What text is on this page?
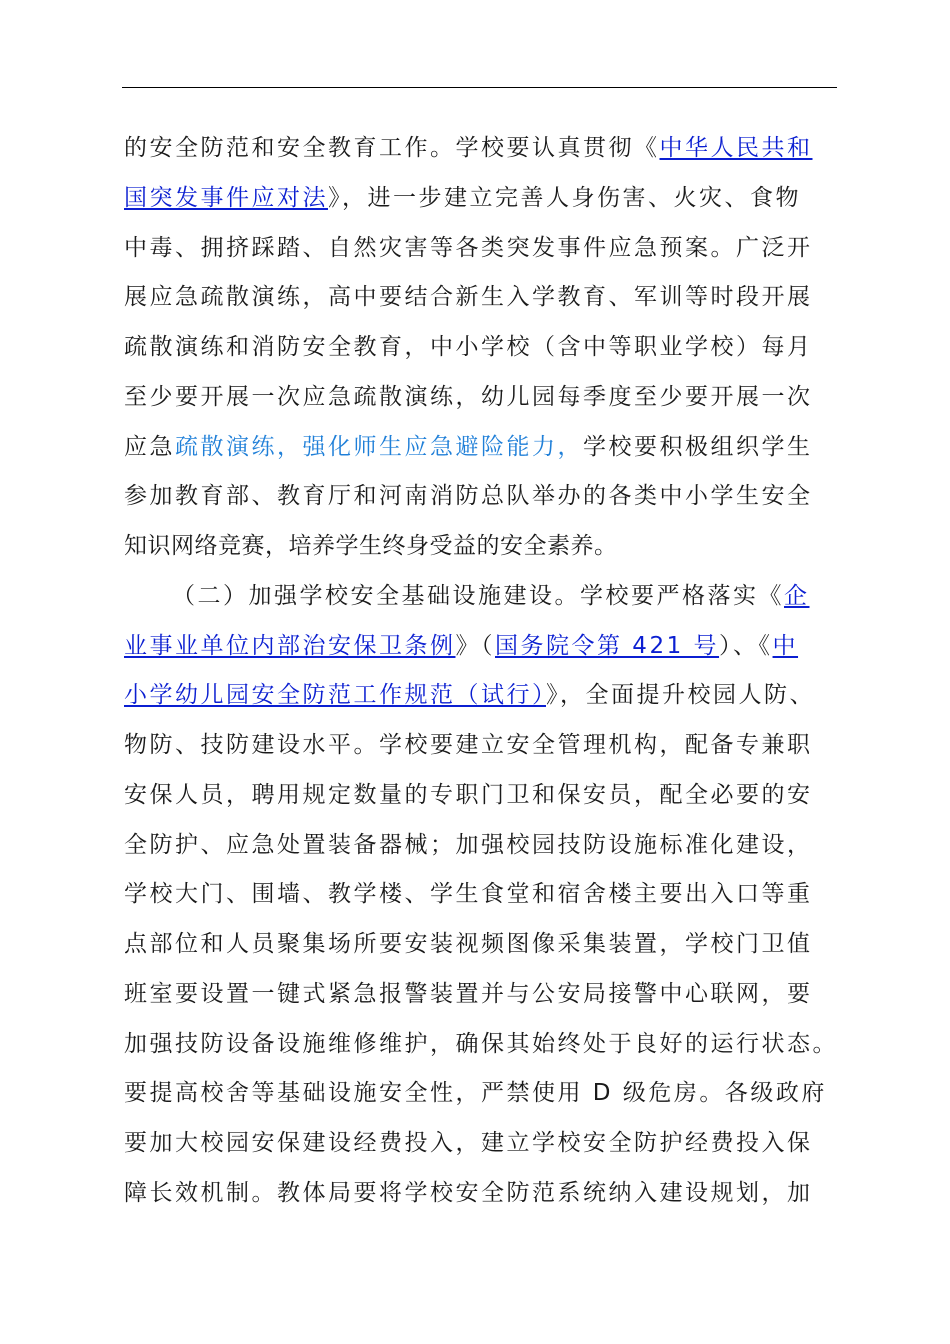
的安全防范和安全教育工作。学校要认真贯彻《中华人民共和
国突发事件应对法》，进一步建立完善人身伤害、火灾、食物
中毒、拥挤踩踏、自然灾害等各类突发事件应急预案。广泛开
展应急疏散演练，高中要结合新生入学教育、军训等时段开展
疏散演练和消防安全教育，中小学校（含中等职业学校）每月
至少要开展一次应急疏散演练，幼儿园每季度至少要开展一次
应急疏散演练，强化师生应急避险能力，学校要积极组织学生
参加教育部、教育厅和河南消防总队举办的各类中小学生安全
知识网络竞赛，培养学生终身受益的安全素养。
（二）加强学校安全基础设施建设。学校要严格落实《企
业事业单位内部治安保卫条例》（国务院令第 421 号）、《中
小学幼儿园安全防范工作规范（试行）》，全面提升校园人防、
物防、技防建设水平。学校要建立安全管理机构，配备专兼职
安保人员，聘用规定数量的专职门卫和保安员，配全必要的安
全防护、应急处置装备器械；加强校园技防设施标准化建设，
学校大门、围墙、教学楼、学生食堂和宿舍楼主要出入口等重
点部位和人员聚集场所要安装视频图像采集装置，学校门卫值
班室要设置一键式紧急报警装置并与公安局接警中心联网，要
加强技防设备设施维修维护，确保其始终处于良好的运行状态。
要提高校舍等基础设施安全性，严禁使用 D 级危房。各级政府
要加大校园安保建设经费投入，建立学校安全防护经费投入保
障长效机制。教体局要将学校安全防范系统纳入建设规划，加
